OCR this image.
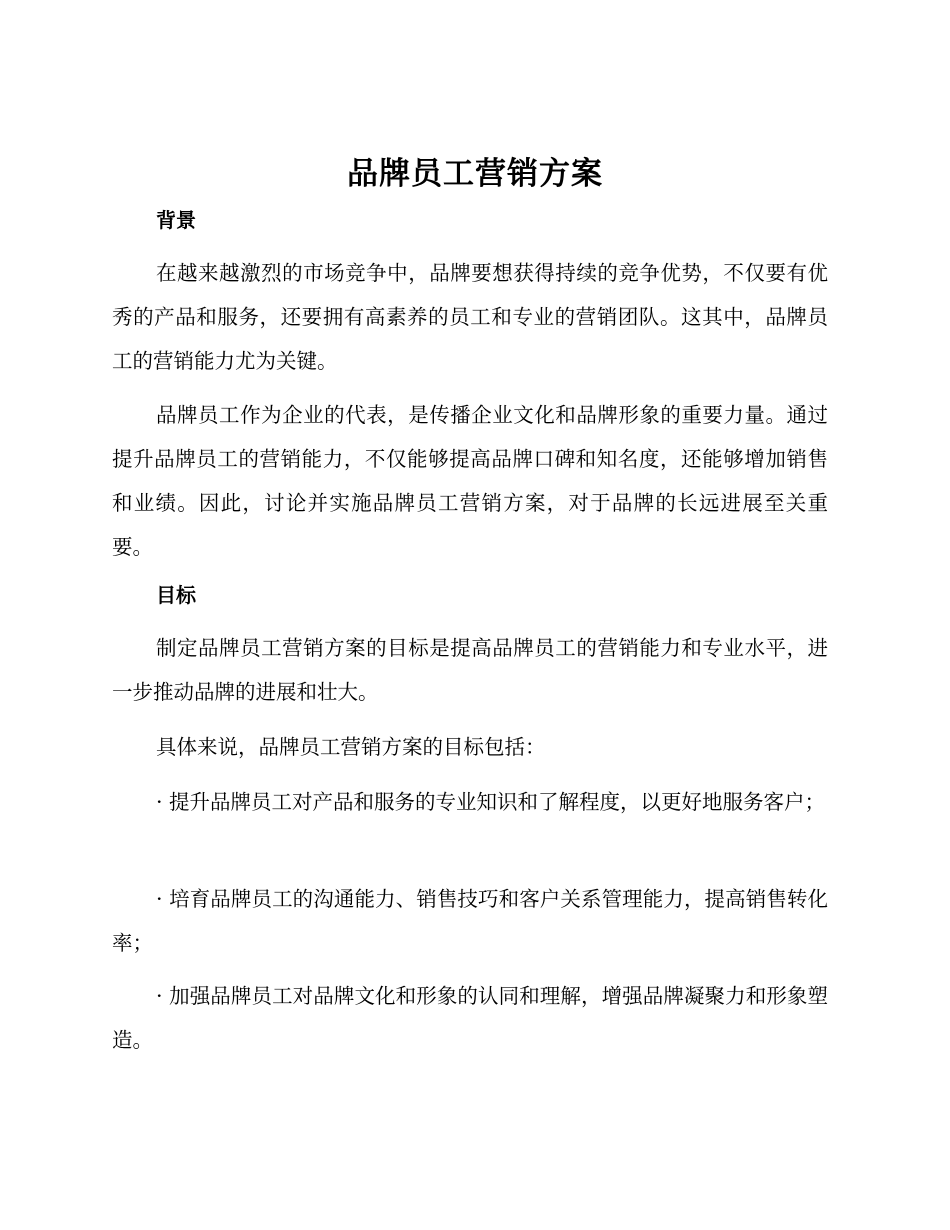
品牌员工营销方案
背景

在越来越激烈的市场竞争中，品牌要想获得持续的竞争优势，不仅要有优秀的产品和服务，还要拥有高素养的员工和专业的营销团队。这其中，品牌员工的营销能力尤为关键。

品牌员工作为企业的代表，是传播企业文化和品牌形象的重要力量。通过提升品牌员工的营销能力，不仅能够提高品牌口碑和知名度，还能够增加销售和业绩。因此，讨论并实施品牌员工营销方案，对于品牌的长远进展至关重要。

目标

制定品牌员工营销方案的目标是提高品牌员工的营销能力和专业水平，进一步推动品牌的进展和壮大。

具体来说，品牌员工营销方案的目标包括：

· 提升品牌员工对产品和服务的专业知识和了解程度，以更好地服务客户；

· 培育品牌员工的沟通能力、销售技巧和客户关系管理能力，提高销售转化率；

· 加强品牌员工对品牌文化和形象的认同和理解，增强品牌凝聚力和形象塑造。
